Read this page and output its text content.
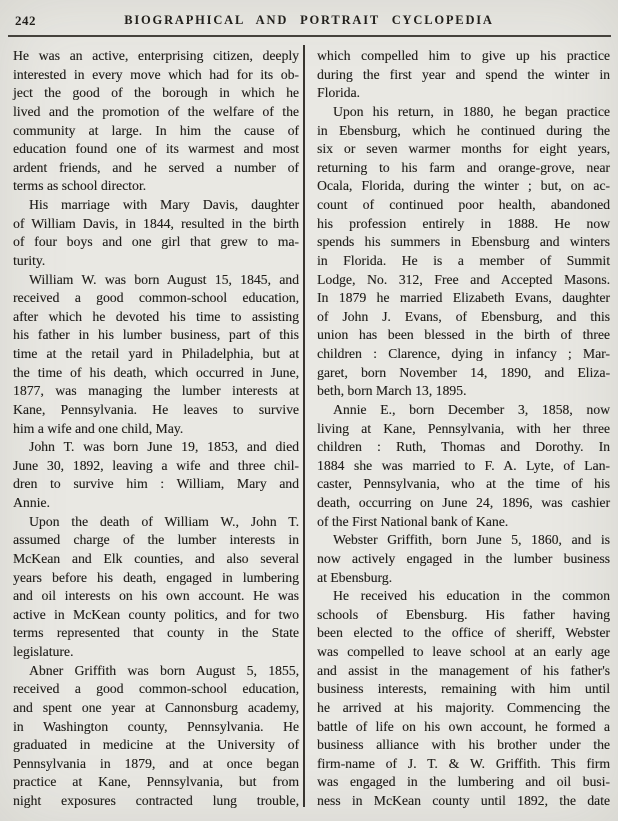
242	BIOGRAPHICAL AND PORTRAIT CYCLOPEDIA
He was an active, enterprising citizen, deeply
interested in every move which had for its ob-
ject the good of the borough in which he
lived and the promotion of the welfare of the
community at large. In him the cause of
education found one of its warmest and most
ardent friends, and he served a number of
terms as school director.
His marriage with Mary Davis, daughter
of William Davis, in 1844, resulted in the birth
of four boys and one girl that grew to ma-
turity.
William W. was born August 15, 1845, and
received a good common-school education,
after which he devoted his time to assisting
his father in his lumber business, part of this
time at the retail yard in Philadelphia, but at
the time of his death, which occurred in June,
1877, was managing the lumber interests at
Kane, Pennsylvania. He leaves to survive
him a wife and one child, May.
John T. was born June 19, 1853, and died
June 30, 1892, leaving a wife and three chil-
dren to survive him : William, Mary and
Annie.
Upon the death of William W., John T.
assumed charge of the lumber interests in
McKean and Elk counties, and also several
years before his death, engaged in lumbering
and oil interests on his own account. He was
active in McKean county politics, and for two
terms represented that county in the State
legislature.
Abner Griffith was born August 5, 1855,
received a good common-school education,
and spent one year at Cannonsburg academy,
in Washington county, Pennsylvania. He
graduated in medicine at the University of
Pennsylvania in 1879, and at once began
practice at Kane, Pennsylvania, but from
night exposures contracted lung trouble,
which compelled him to give up his practice
during the first year and spend the winter in
Florida.
Upon his return, in 1880, he began practice
in Ebensburg, which he continued during the
six or seven warmer months for eight years,
returning to his farm and orange-grove, near
Ocala, Florida, during the winter ; but, on ac-
count of continued poor health, abandoned
his profession entirely in 1888. He now
spends his summers in Ebensburg and winters
in Florida. He is a member of Summit
Lodge, No. 312, Free and Accepted Masons.
In 1879 he married Elizabeth Evans, daughter
of John J. Evans, of Ebensburg, and this
union has been blessed in the birth of three
children : Clarence, dying in infancy ; Mar-
garet, born November 14, 1890, and Eliza-
beth, born March 13, 1895.
Annie E., born December 3, 1858, now
living at Kane, Pennsylvania, with her three
children : Ruth, Thomas and Dorothy. In
1884 she was married to F. A. Lyte, of Lan-
caster, Pennsylvania, who at the time of his
death, occurring on June 24, 1896, was cashier
of the First National bank of Kane.
Webster Griffith, born June 5, 1860, and is
now actively engaged in the lumber business
at Ebensburg.
He received his education in the common
schools of Ebensburg. His father having
been elected to the office of sheriff, Webster
was compelled to leave school at an early age
and assist in the management of his father's
business interests, remaining with him until
he arrived at his majority. Commencing the
battle of life on his own account, he formed a
business alliance with his brother under the
firm-name of J. T. & W. Griffith. This firm
was engaged in the lumbering and oil busi-
ness in McKean county until 1892, the date
